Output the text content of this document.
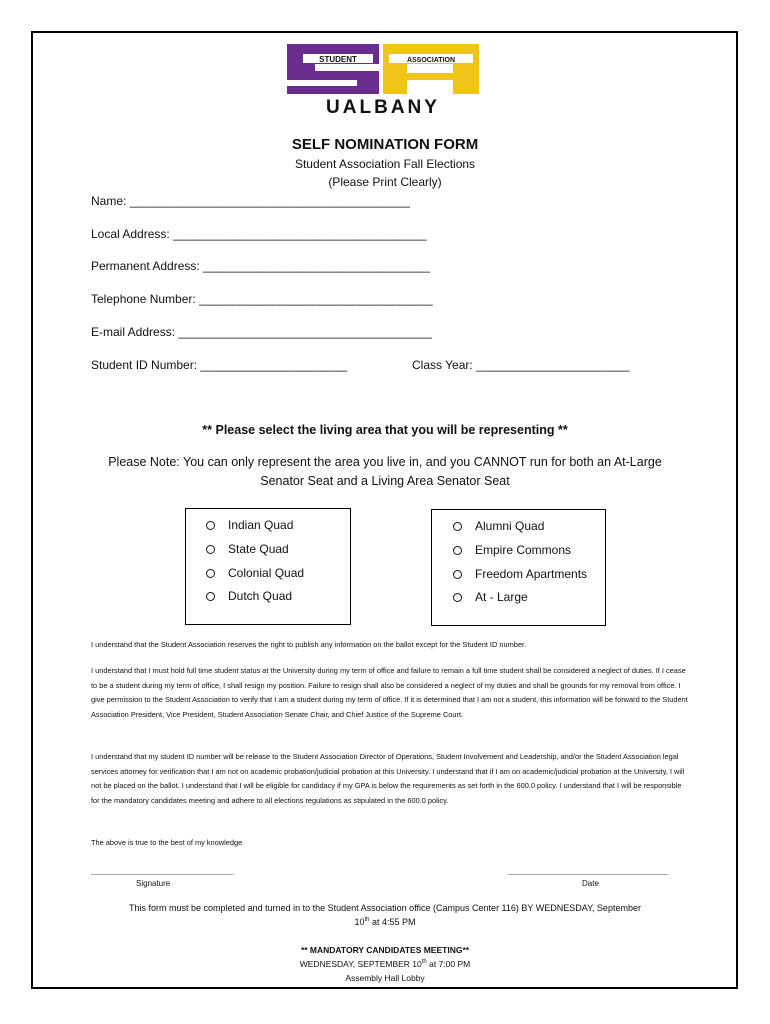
STUDENT	ASSOCIATION
UALBANY
SELF NOMINATION FORM
Student Association Fall Elections
(Please Print Clearly)
Name: __________________________________________
Local Address: ______________________________________
Permanent Address: __________________________________
Telephone Number: ___________________________________
E-mail Address: ______________________________________
Student ID Number: ______________________	Class Year: _______________________
** Please select the living area that you will be representing **
Please Note: You can only represent the area you live in, and you CANNOT run for both an At-Large Senator Seat and a Living Area Senator Seat
Indian Quad
State Quad
Colonial Quad
Dutch Quad
Alumni Quad
Empire Commons
Freedom Apartments
At - Large
I understand that the Student Association reserves the right to publish any information on the ballot except for the Student ID number.
I understand that I must hold full time student status at the University during my term of office and failure to remain a full time student shall be considered a neglect of duties. If I cease to be a student during my term of office, I shall resign my position. Failure to resign shall also be considered a neglect of my duties and shall be grounds for my removal from office. I give permission to the Student Association to verify that I am a student during my term of office. If it is determined that I am not a student, this information will be forward to the Student Association President, Vice President, Student Association Senate Chair, and Chief Justice of the Supreme Court.
I understand that my student ID number will be release to the Student Association Director of Operations, Student Involvement and Leadership, and/or the Student Association legal services attorney for verification that I am not on academic probation/judicial probation at this University. I understand that if I am on academic/judicial probation at the University, I will not be placed on the ballot. I understand that I will be eligible for candidacy if my GPA is below the requirements as set forth in the 600.0 policy. I understand that I will be responsible for the mandatory candidates meeting and adhere to all elections regulations as stipulated in the 600.0 policy.
The above is true to the best of my knowledge
________________________________
Signature
____________________________________
Date
This form must be completed and turned in to the Student Association office (Campus Center 116) BY WEDNESDAY, September
10th at 4:55 PM
** MANDATORY CANDIDATES MEETING**
WEDNESDAY, SEPTEMBER 10th at 7:00 PM
Assembly Hall Lobby
